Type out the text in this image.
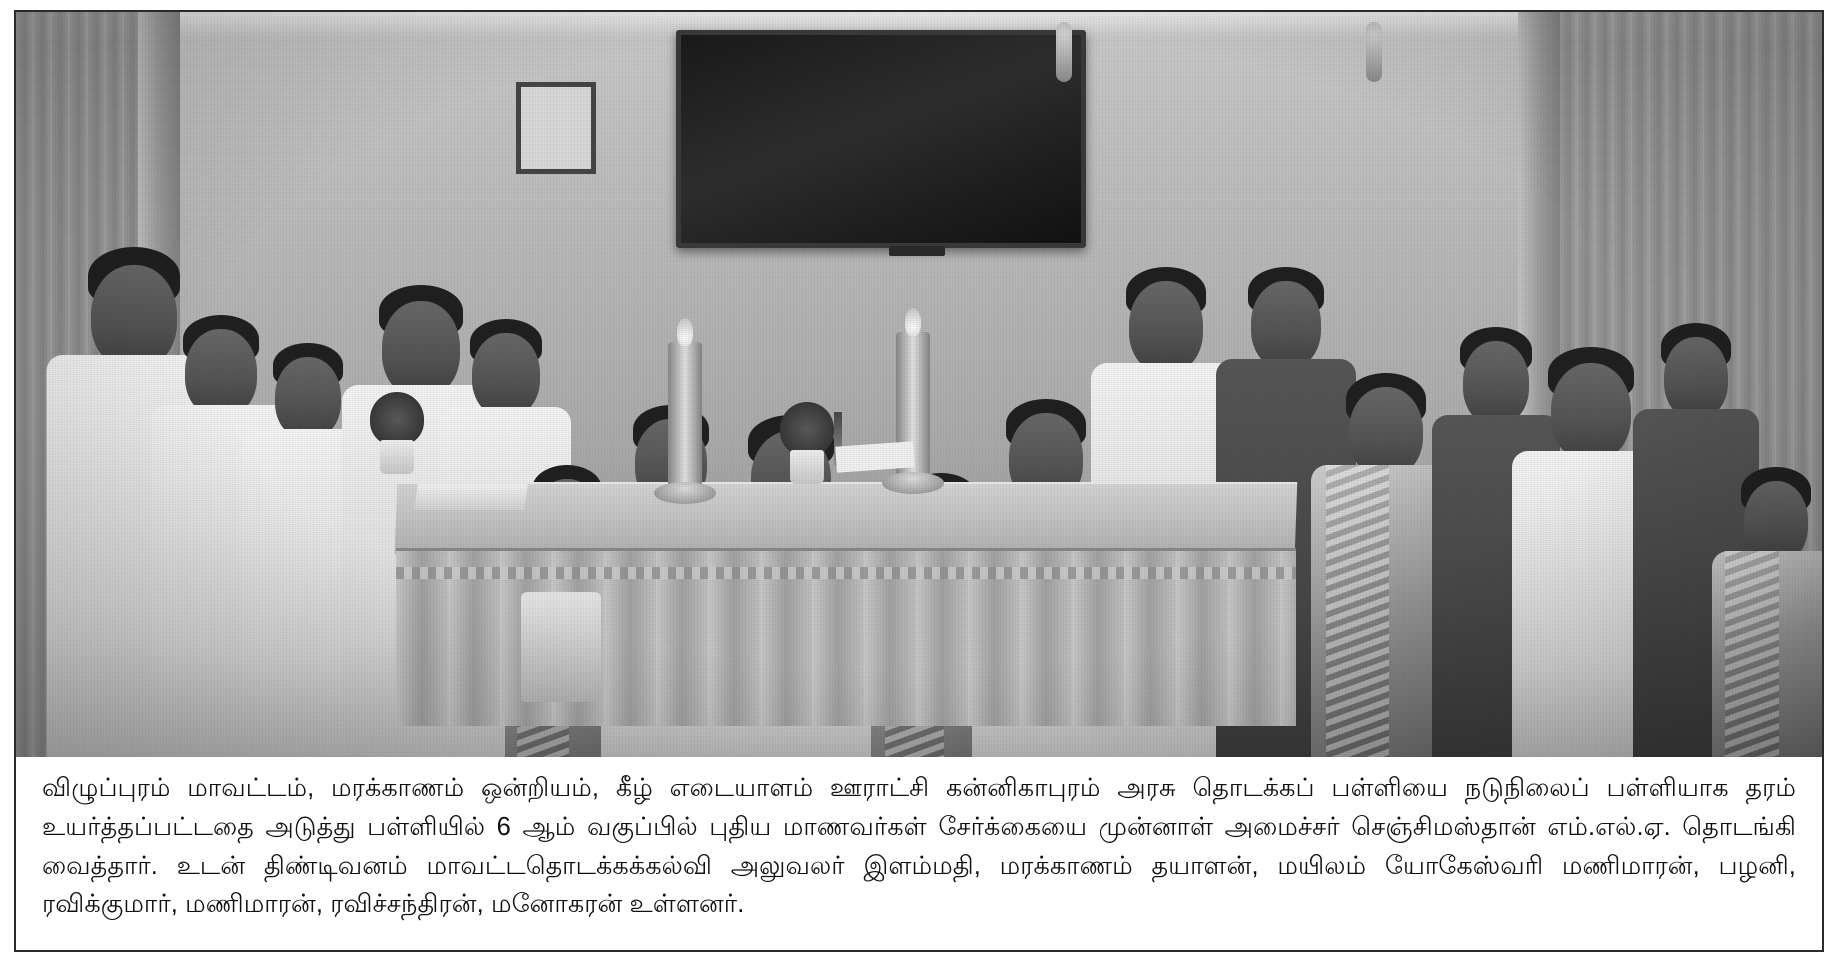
விழுப்புரம் மாவட்டம், மரக்காணம் ஒன்றியம், கீழ் எடையாளம் ஊராட்சி கன்னிகாபுரம் அரசு தொடக்கப் பள்ளியை நடுநிலைப் பள்ளியாக தரம் உயர்த்தப்பட்டதை அடுத்து பள்ளியில் 6 ஆம் வகுப்பில் புதிய மாணவர்கள் சேர்க்கையை முன்னாள் அமைச்சர் செஞ்சிமஸ்தான் எம்.எல்.ஏ. தொடங்கி வைத்தார். உடன் திண்டிவனம் மாவட்டதொடக்கக்கல்வி அலுவலர் இளம்மதி, மரக்காணம் தயாளன், மயிலம் யோகேஸ்வரி மணிமாரன், பழனி, ரவிக்குமார், மணிமாரன், ரவிச்சந்திரன், மனோகரன் உள்ளனர்.
